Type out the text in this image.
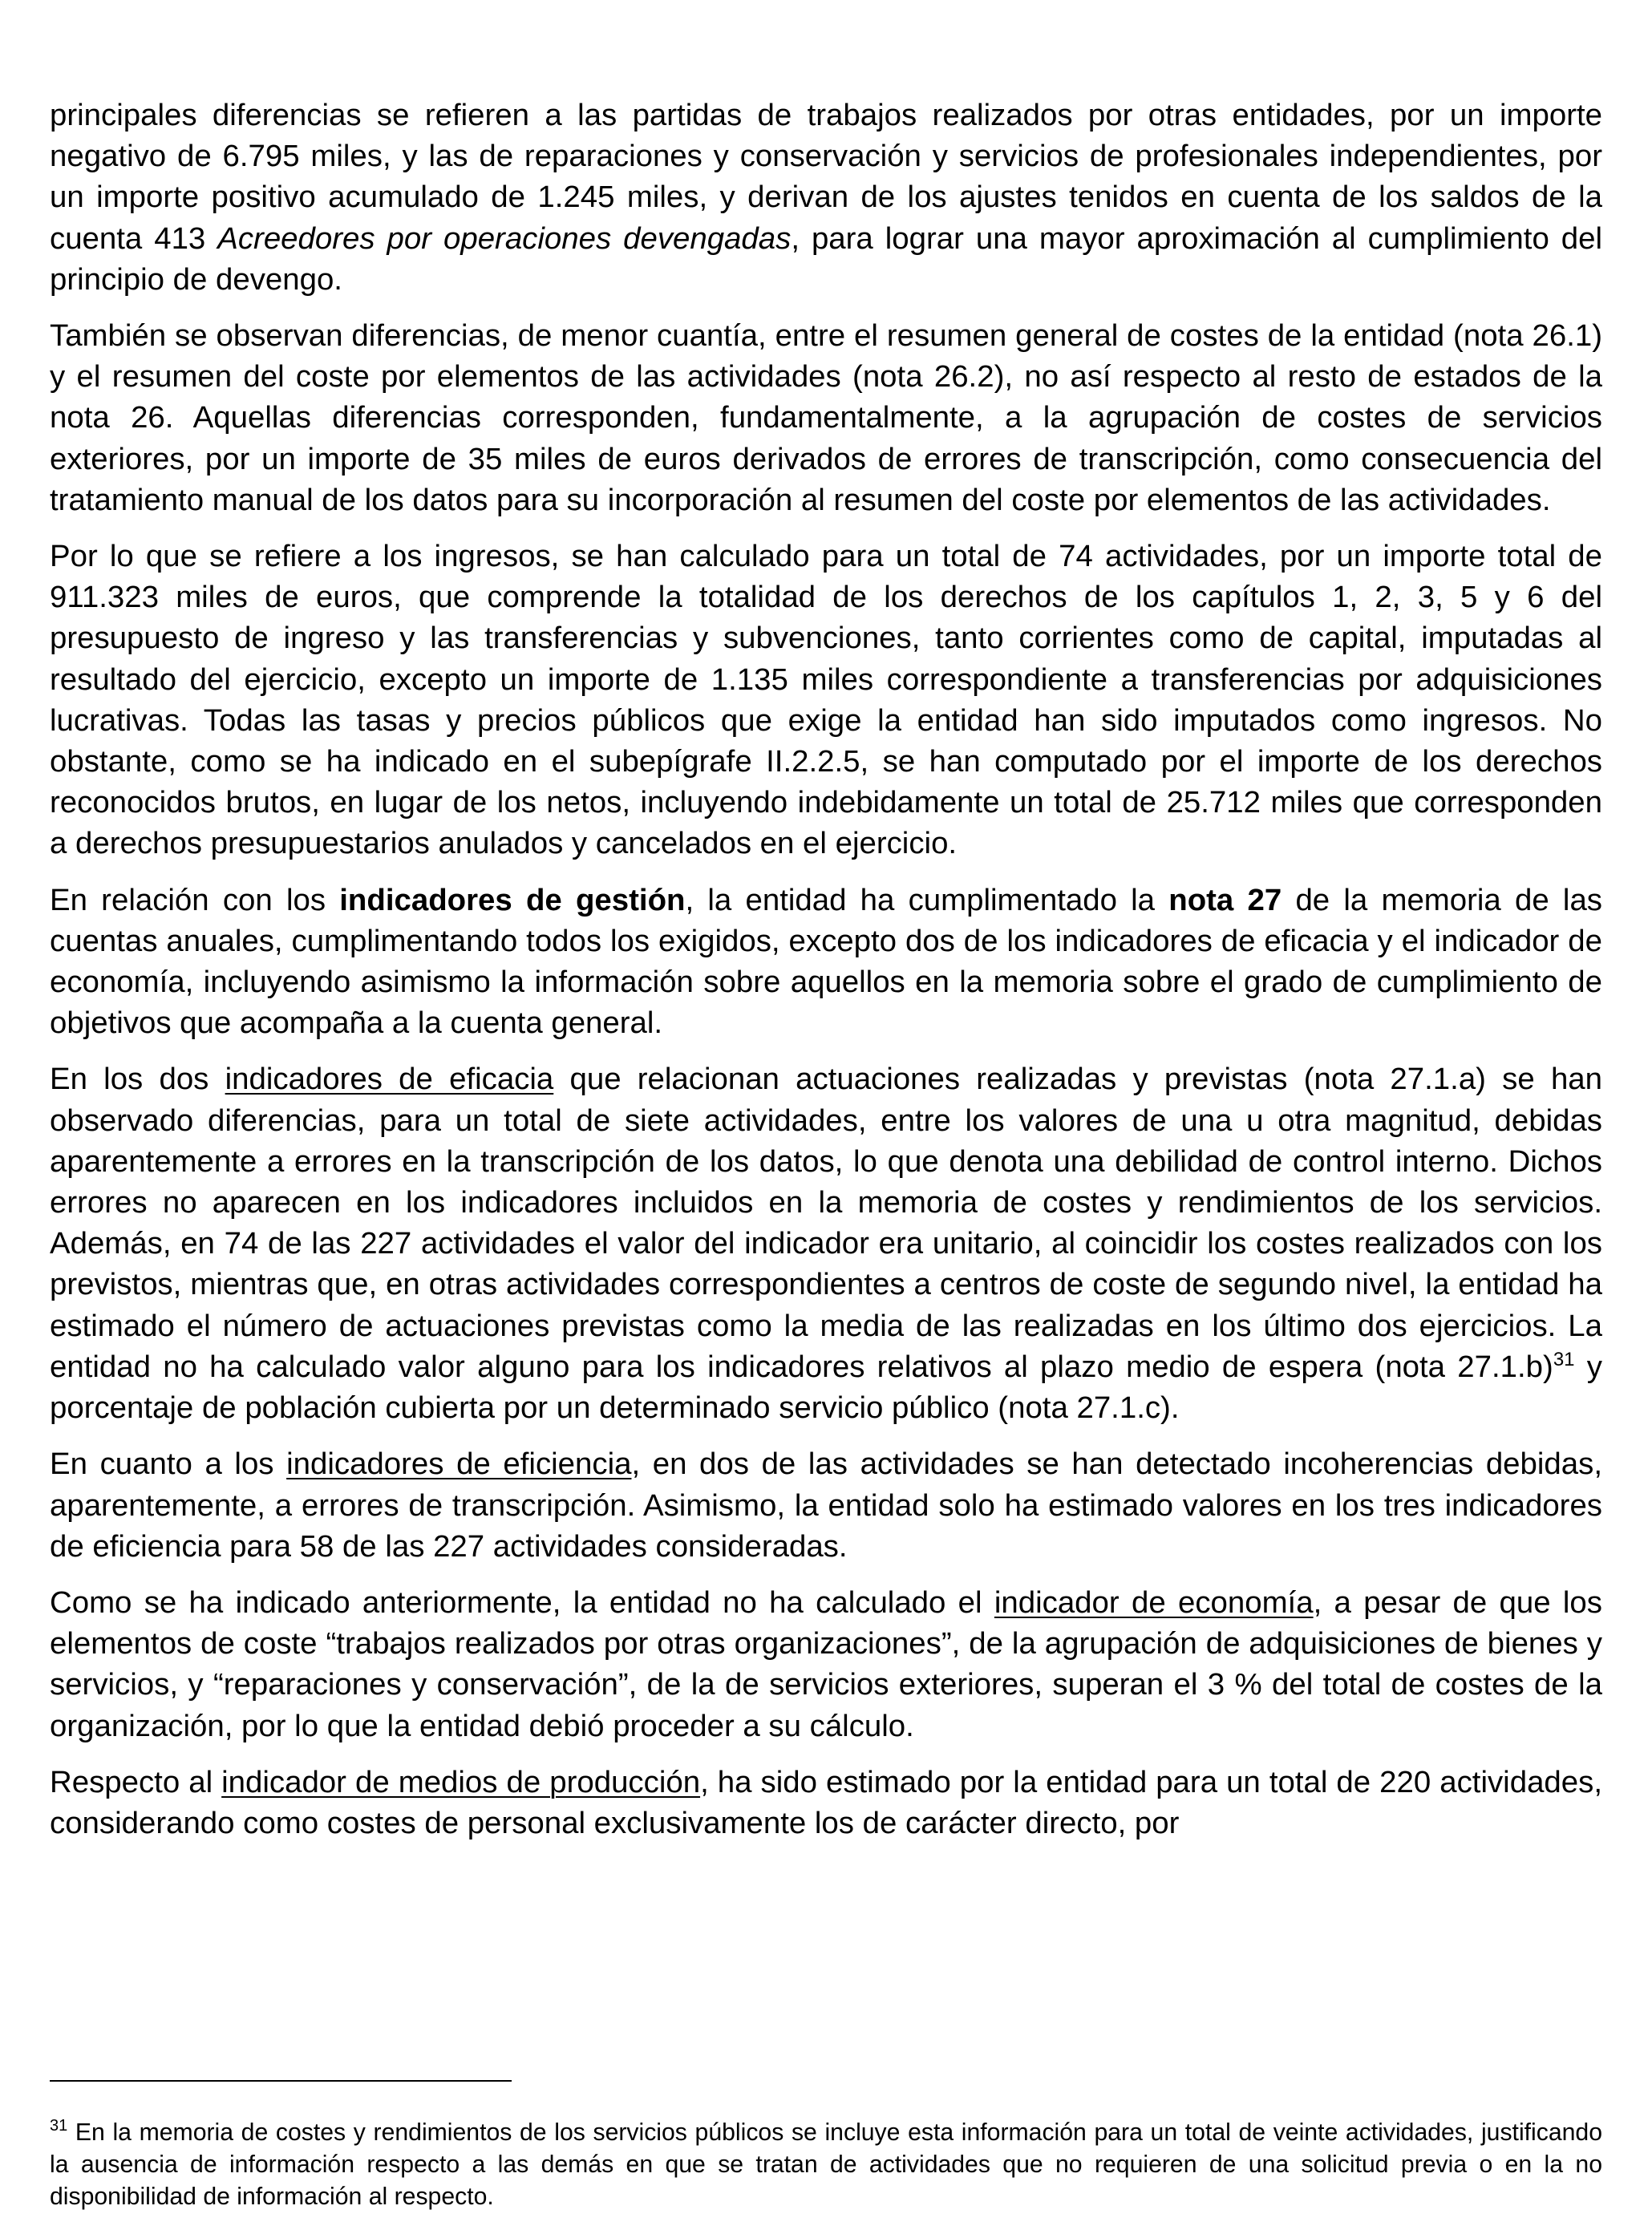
principales diferencias se refieren a las partidas de trabajos realizados por otras entidades, por un importe negativo de 6.795 miles, y las de reparaciones y conservación y servicios de profesionales independientes, por un importe positivo acumulado de 1.245 miles, y derivan de los ajustes tenidos en cuenta de los saldos de la cuenta 413 Acreedores por operaciones devengadas, para lograr una mayor aproximación al cumplimiento del principio de devengo.

También se observan diferencias, de menor cuantía, entre el resumen general de costes de la entidad (nota 26.1) y el resumen del coste por elementos de las actividades (nota 26.2), no así respecto al resto de estados de la nota 26. Aquellas diferencias corresponden, fundamentalmente, a la agrupación de costes de servicios exteriores, por un importe de 35 miles de euros derivados de errores de transcripción, como consecuencia del tratamiento manual de los datos para su incorporación al resumen del coste por elementos de las actividades.

Por lo que se refiere a los ingresos, se han calculado para un total de 74 actividades, por un importe total de 911.323 miles de euros, que comprende la totalidad de los derechos de los capítulos 1, 2, 3, 5 y 6 del presupuesto de ingreso y las transferencias y subvenciones, tanto corrientes como de capital, imputadas al resultado del ejercicio, excepto un importe de 1.135 miles correspondiente a transferencias por adquisiciones lucrativas. Todas las tasas y precios públicos que exige la entidad han sido imputados como ingresos. No obstante, como se ha indicado en el subepígrafe II.2.2.5, se han computado por el importe de los derechos reconocidos brutos, en lugar de los netos, incluyendo indebidamente un total de 25.712 miles que corresponden a derechos presupuestarios anulados y cancelados en el ejercicio.

En relación con los indicadores de gestión, la entidad ha cumplimentado la nota 27 de la memoria de las cuentas anuales, cumplimentando todos los exigidos, excepto dos de los indicadores de eficacia y el indicador de economía, incluyendo asimismo la información sobre aquellos en la memoria sobre el grado de cumplimiento de objetivos que acompaña a la cuenta general.

En los dos indicadores de eficacia que relacionan actuaciones realizadas y previstas (nota 27.1.a) se han observado diferencias, para un total de siete actividades, entre los valores de una u otra magnitud, debidas aparentemente a errores en la transcripción de los datos, lo que denota una debilidad de control interno. Dichos errores no aparecen en los indicadores incluidos en la memoria de costes y rendimientos de los servicios. Además, en 74 de las 227 actividades el valor del indicador era unitario, al coincidir los costes realizados con los previstos, mientras que, en otras actividades correspondientes a centros de coste de segundo nivel, la entidad ha estimado el número de actuaciones previstas como la media de las realizadas en los último dos ejercicios. La entidad no ha calculado valor alguno para los indicadores relativos al plazo medio de espera (nota 27.1.b)$^{31}$ y porcentaje de población cubierta por un determinado servicio público (nota 27.1.c).

En cuanto a los indicadores de eficiencia, en dos de las actividades se han detectado incoherencias debidas, aparentemente, a errores de transcripción. Asimismo, la entidad solo ha estimado valores en los tres indicadores de eficiencia para 58 de las 227 actividades consideradas.

Como se ha indicado anteriormente, la entidad no ha calculado el indicador de economía, a pesar de que los elementos de coste “trabajos realizados por otras organizaciones”, de la agrupación de adquisiciones de bienes y servicios, y “reparaciones y conservación”, de la de servicios exteriores, superan el 3 % del total de costes de la organización, por lo que la entidad debió proceder a su cálculo.

Respecto al indicador de medios de producción, ha sido estimado por la entidad para un total de 220 actividades, considerando como costes de personal exclusivamente los de carácter directo, por

$^{31}$ En la memoria de costes y rendimientos de los servicios públicos se incluye esta información para un total de veinte actividades, justificando la ausencia de información respecto a las demás en que se tratan de actividades que no requieren de una solicitud previa o en la no disponibilidad de información al respecto.
